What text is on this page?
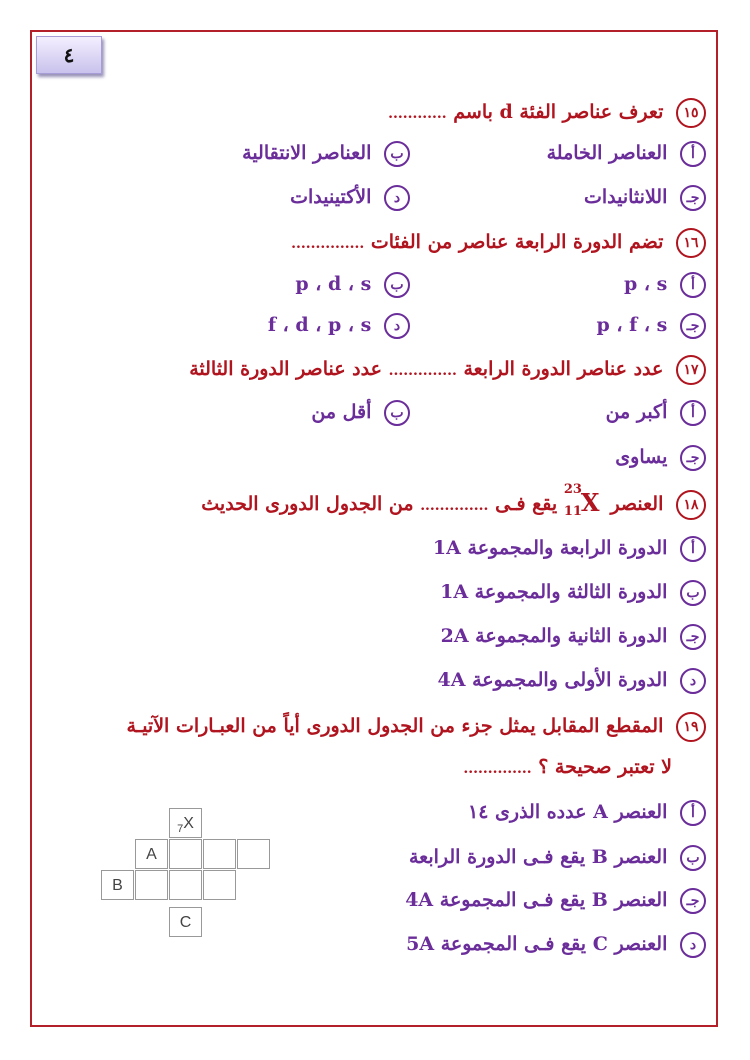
٤
١٥ تعرف عناصر الفئة d باسم ............
أ العناصر الخاملة
ب العناصر الانتقالية
جـ اللانثانيدات
د الأكتينيدات
١٦ تضم الدورة الرابعة عناصر من الفئات ...............
أ p ، s
ب p ، d ، s
جـ p ، f ، s
د f ، d ، p ، s
١٧ عدد عناصر الدورة الرابعة .............. عدد عناصر الدورة الثالثة
أ أكبر من
ب أقل من
جـ يساوى
١٨ العنصر
23
11
X
يقع فـى .............. من الجدول الدورى الحديث
أ الدورة الرابعة والمجموعة 1A
ب الدورة الثالثة والمجموعة 1A
جـ الدورة الثانية والمجموعة 2A
د الدورة الأولى والمجموعة 4A
١٩ المقطع المقابل يمثل جزء من الجدول الدورى أياً من العبـارات الآتيـة
لا تعتبر صحيحة ؟ ..............
أ العنصر A عدده الذرى ١٤
ب العنصر B يقع فـى الدورة الرابعة
جـ العنصر B يقع فـى المجموعة 4A
د العنصر C يقع فـى المجموعة 5A
$_7$X
A
B
C
